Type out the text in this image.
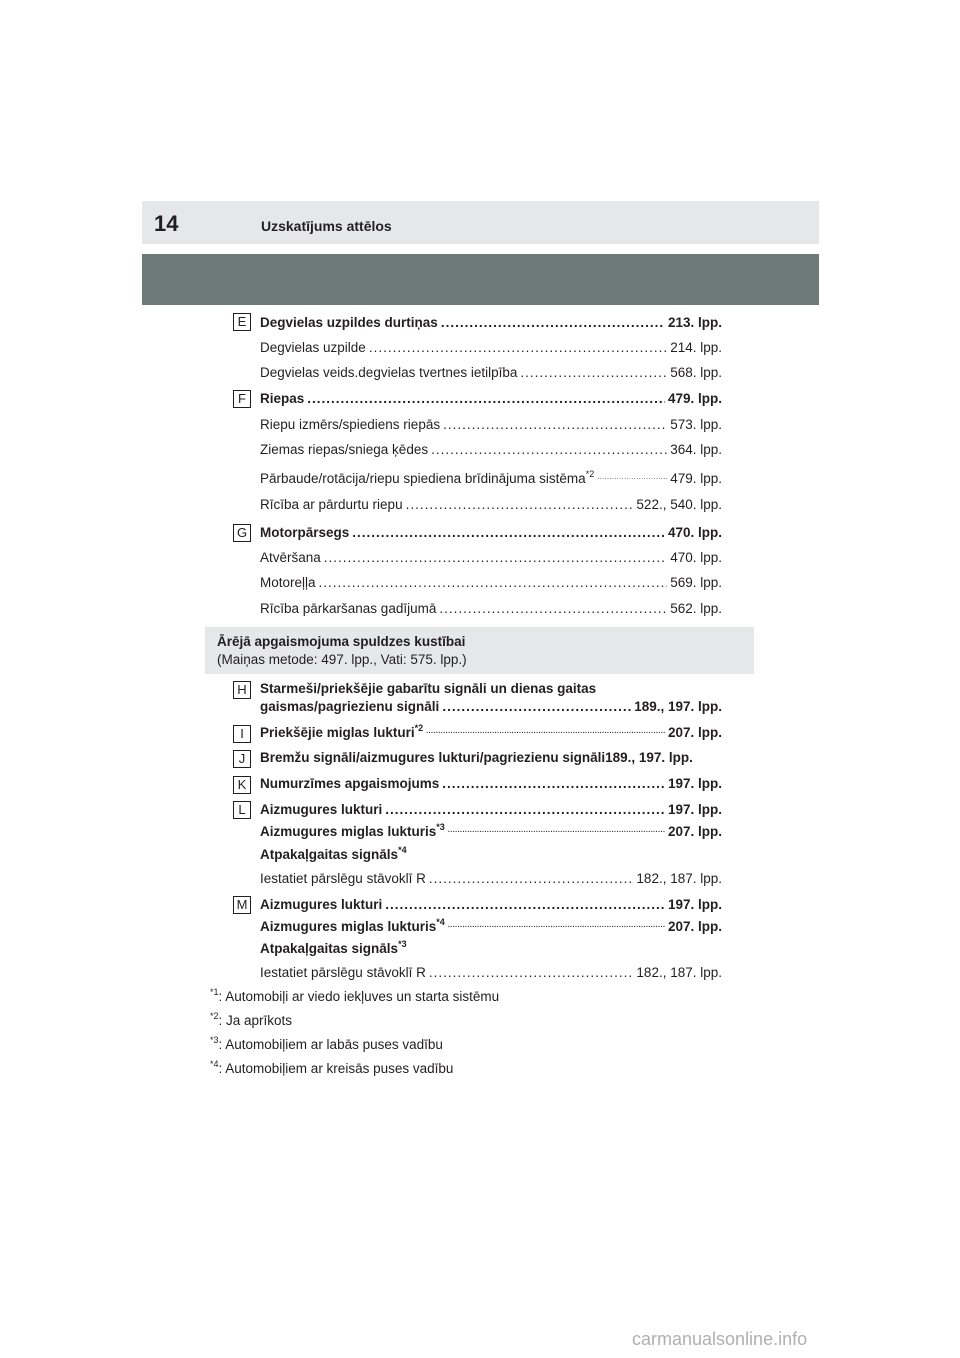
14	Uzskatījums attēlos
E	Degvielas uzpildes durtiņas .....	213. lpp.
Degvielas uzpilde .....	214. lpp.
Degvielas veids.degvielas tvertnes ietilpība .....	568. lpp.
F	Riepas .....	479. lpp.
Riepu izmērs/spiediens riepās .....	573. lpp.
Ziemas riepas/sniega ķēdes .....	364. lpp.
Pārbaude/rotācija/riepu spiediena brīdinājuma sistēma$^{*2}$ .....	479. lpp.
Rīcība ar pārdurtu riepu .....	522., 540. lpp.
G Motorpārsegs .....	470. lpp.
Atvēršana .....	470. lpp.
Motoreļļa .....	569. lpp.
Rīcība pārkaršanas gadījumā .....	562. lpp.
Ārējā apgaismojuma spuldzes kustībai
(Maiņas metode: 497. lpp., Vati: 575. lpp.)
H Starmeši/priekšējie gabarītu signāli un dienas gaitas
gaismas/pagriezienu signāli .....	189., 197. lpp.
I	Priekšējie miglas lukturi$^{*2}$ .....	207. lpp.
J	Bremžu signāli/aizmugures lukturi/pagriezienu signāli 189., 197. lpp.
K	Numurzīmes apgaismojums .....	197. lpp.
L	Aizmugures lukturi .....	197. lpp.
Aizmugures miglas lukturis$^{*3}$ .....	207. lpp.
Atpakaļgaitas signāls$^{*4}$
Iestatiet pārslēgu stāvoklī R .....	182., 187. lpp.
M Aizmugures lukturi .....	197. lpp.
Aizmugures miglas lukturis$^{*4}$ .....	207. lpp.
Atpakaļgaitas signāls$^{*3}$
Iestatiet pārslēgu stāvoklī R .....	182., 187. lpp.
$^{*1}$: Automobiļi ar viedo iekļuves un starta sistēmu
$^{*2}$: Ja aprīkots
$^{*3}$: Automobiļiem ar labās puses vadību
$^{*4}$: Automobiļiem ar kreisās puses vadību
carmanualsonline.info
